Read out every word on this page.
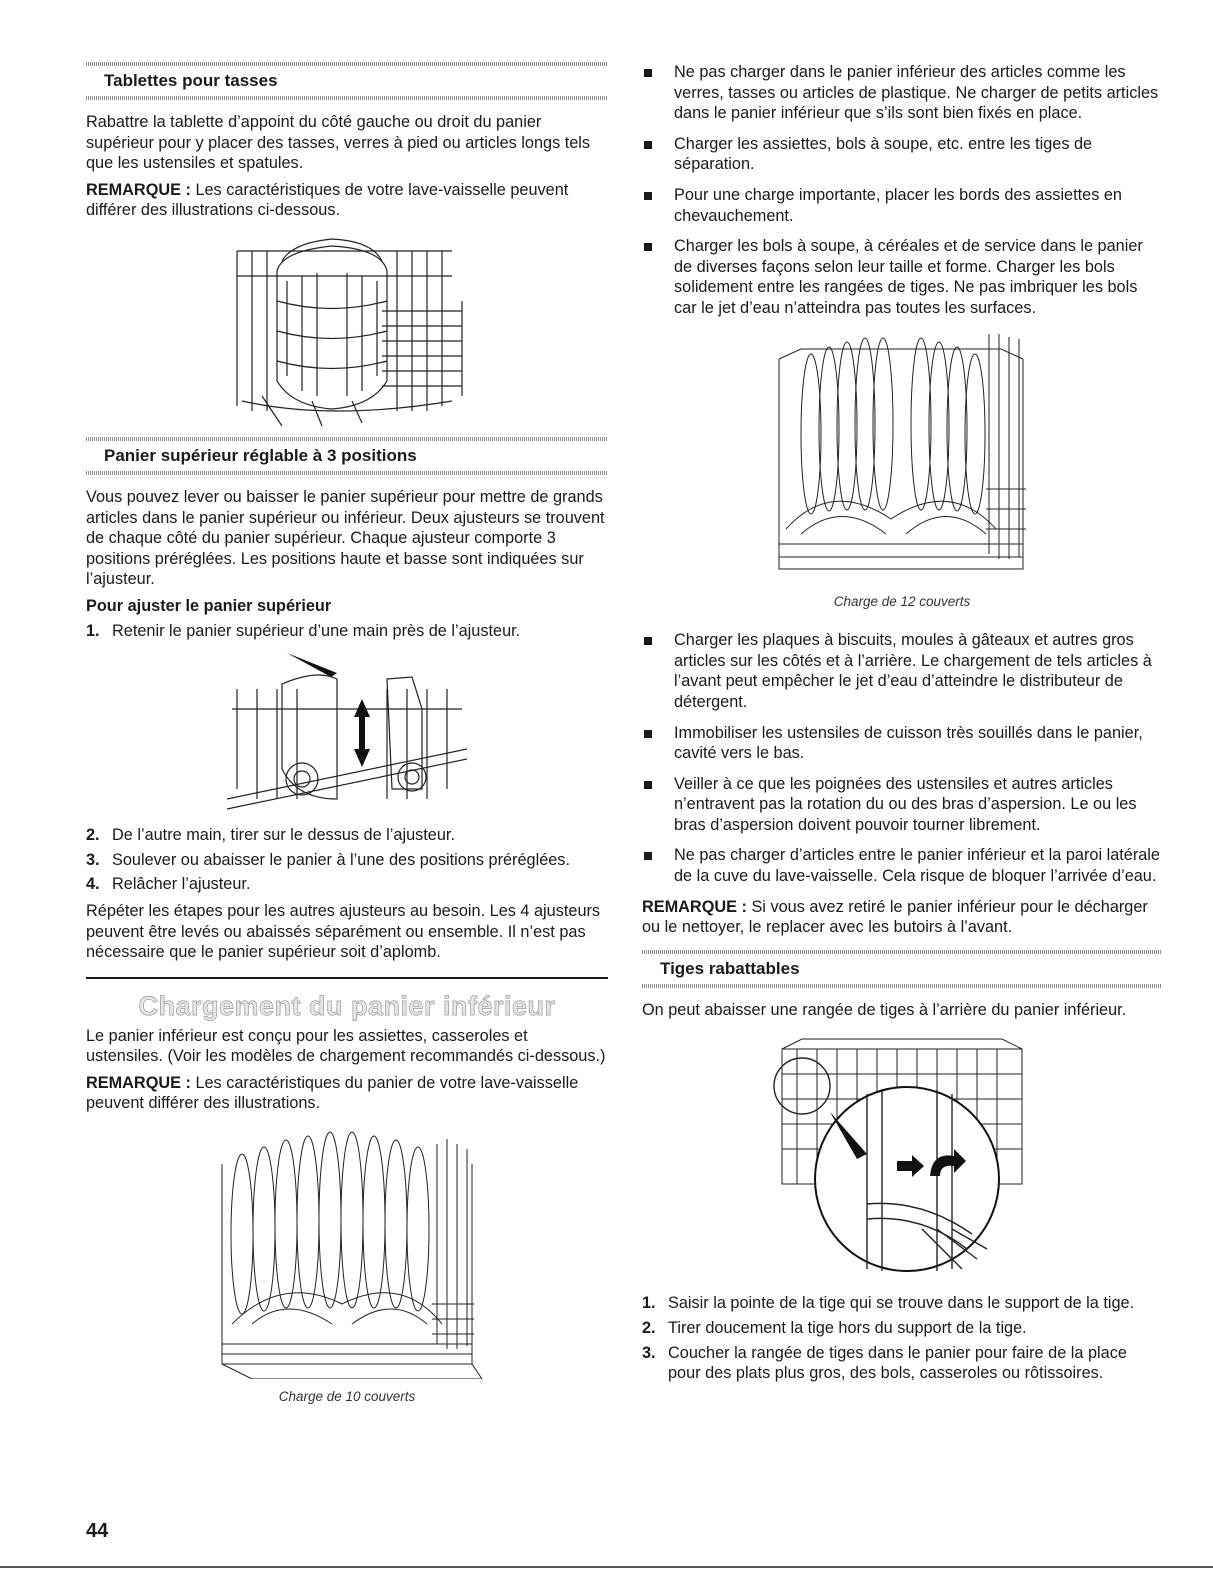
Tablettes pour tasses

Rabattre la tablette d’appoint du côté gauche ou droit du panier supérieur pour y placer des tasses, verres à pied ou articles longs tels que les ustensiles et spatules.

REMARQUE : Les caractéristiques de votre lave-vaisselle peuvent différer des illustrations ci-dessous.

Panier supérieur réglable à 3 positions

Vous pouvez lever ou baisser le panier supérieur pour mettre de grands articles dans le panier supérieur ou inférieur. Deux ajusteurs se trouvent de chaque côté du panier supérieur. Chaque ajusteur comporte 3 positions préréglées. Les positions haute et basse sont indiquées sur l’ajusteur.

Pour ajuster le panier supérieur

1. Retenir le panier supérieur d’une main près de l’ajusteur.
2. De l’autre main, tirer sur le dessus de l’ajusteur.
3. Soulever ou abaisser le panier à l’une des positions préréglées.
4. Relâcher l’ajusteur.

Répéter les étapes pour les autres ajusteurs au besoin. Les 4 ajusteurs peuvent être levés ou abaissés séparément ou ensemble. Il n’est pas nécessaire que le panier supérieur soit d’aplomb.

Chargement du panier inférieur

Le panier inférieur est conçu pour les assiettes, casseroles et ustensiles. (Voir les modèles de chargement recommandés ci-dessous.)

REMARQUE : Les caractéristiques du panier de votre lave-vaisselle peuvent différer des illustrations.

Charge de 10 couverts

Ne pas charger dans le panier inférieur des articles comme les verres, tasses ou articles de plastique. Ne charger de petits articles dans le panier inférieur que s’ils sont bien fixés en place.
Charger les assiettes, bols à soupe, etc. entre les tiges de séparation.
Pour une charge importante, placer les bords des assiettes en chevauchement.
Charger les bols à soupe, à céréales et de service dans le panier de diverses façons selon leur taille et forme. Charger les bols solidement entre les rangées de tiges. Ne pas imbriquer les bols car le jet d’eau n’atteindra pas toutes les surfaces.

Charge de 12 couverts

Charger les plaques à biscuits, moules à gâteaux et autres gros articles sur les côtés et à l’arrière. Le chargement de tels articles à l’avant peut empêcher le jet d’eau d’atteindre le distributeur de détergent.
Immobiliser les ustensiles de cuisson très souillés dans le panier, cavité vers le bas.
Veiller à ce que les poignées des ustensiles et autres articles n’entravent pas la rotation du ou des bras d’aspersion. Le ou les bras d’aspersion doivent pouvoir tourner librement.
Ne pas charger d’articles entre le panier inférieur et la paroi latérale de la cuve du lave-vaisselle. Cela risque de bloquer l’arrivée d’eau.

REMARQUE : Si vous avez retiré le panier inférieur pour le décharger ou le nettoyer, le replacer avec les butoirs à l’avant.

Tiges rabattables

On peut abaisser une rangée de tiges à l’arrière du panier inférieur.

1. Saisir la pointe de la tige qui se trouve dans le support de la tige.
2. Tirer doucement la tige hors du support de la tige.
3. Coucher la rangée de tiges dans le panier pour faire de la place pour des plats plus gros, des bols, casseroles ou rôtissoires.
44
